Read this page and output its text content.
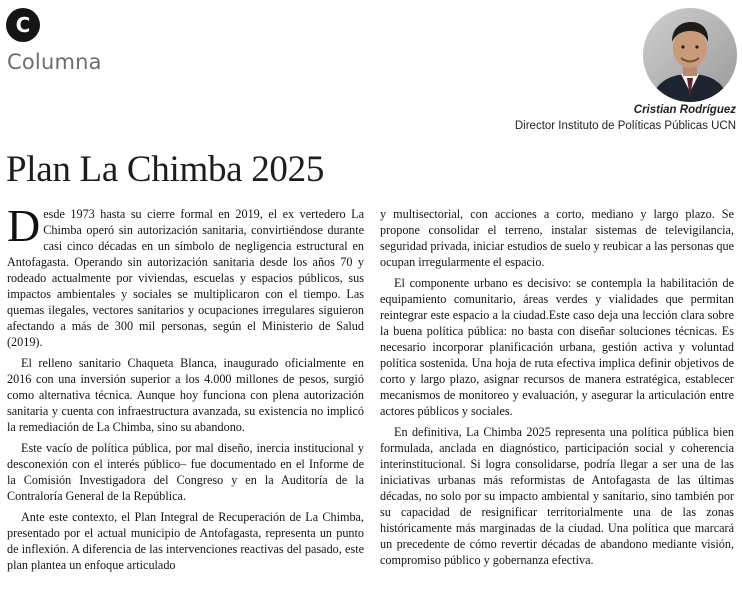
C
Columna
Cristian Rodríguez
Director Instituto de Políticas Públicas UCN
Plan La Chimba 2025

Desde 1973 hasta su cierre formal en 2019, el ex vertedero La Chimba operó sin autorización sanitaria, convirtiéndose durante casi cinco décadas en un símbolo de negligencia estructural en Antofagasta. Operando sin autorización sanitaria desde los años 70 y rodeado actualmente por viviendas, escuelas y espacios públicos, sus impactos ambientales y sociales se multiplicaron con el tiempo. Las quemas ilegales, vectores sanitarios y ocupaciones irregulares siguieron afectando a más de 300 mil personas, según el Ministerio de Salud (2019).

El relleno sanitario Chaqueta Blanca, inaugurado oficialmente en 2016 con una inversión superior a los 4.000 millones de pesos, surgió como alternativa técnica. Aunque hoy funciona con plena autorización sanitaria y cuenta con infraestructura avanzada, su existencia no implicó la remediación de La Chimba, sino su abandono.

Este vacío de política pública, por mal diseño, inercia institucional y desconexión con el interés público– fue documentado en el Informe de la Comisión Investigadora del Congreso y en la Auditoría de la Contraloría General de la República.

Ante este contexto, el Plan Integral de Recuperación de La Chimba, presentado por el actual municipio de Antofagasta, representa un punto de inflexión. A diferencia de las intervenciones reactivas del pasado, este plan plantea un enfoque articulado

y multisectorial, con acciones a corto, mediano y largo plazo. Se propone consolidar el terreno, instalar sistemas de televigilancia, seguridad privada, iniciar estudios de suelo y reubicar a las personas que ocupan irregularmente el espacio.

El componente urbano es decisivo: se contempla la habilitación de equipamiento comunitario, áreas verdes y vialidades que permitan reintegrar este espacio a la ciudad.Este caso deja una lección clara sobre la buena política pública: no basta con diseñar soluciones técnicas. Es necesario incorporar planificación urbana, gestión activa y voluntad política sostenida. Una hoja de ruta efectiva implica definir objetivos de corto y largo plazo, asignar recursos de manera estratégica, establecer mecanismos de monitoreo y evaluación, y asegurar la articulación entre actores públicos y sociales.

En definitiva, La Chimba 2025 representa una política pública bien formulada, anclada en diagnóstico, participación social y coherencia interinstitucional. Si logra consolidarse, podría llegar a ser una de las iniciativas urbanas más reformistas de Antofagasta de las últimas décadas, no solo por su impacto ambiental y sanitario, sino también por su capacidad de resignificar territorialmente una de las zonas históricamente más marginadas de la ciudad. Una política que marcará un precedente de cómo revertir décadas de abandono mediante visión, compromiso público y gobernanza efectiva.
